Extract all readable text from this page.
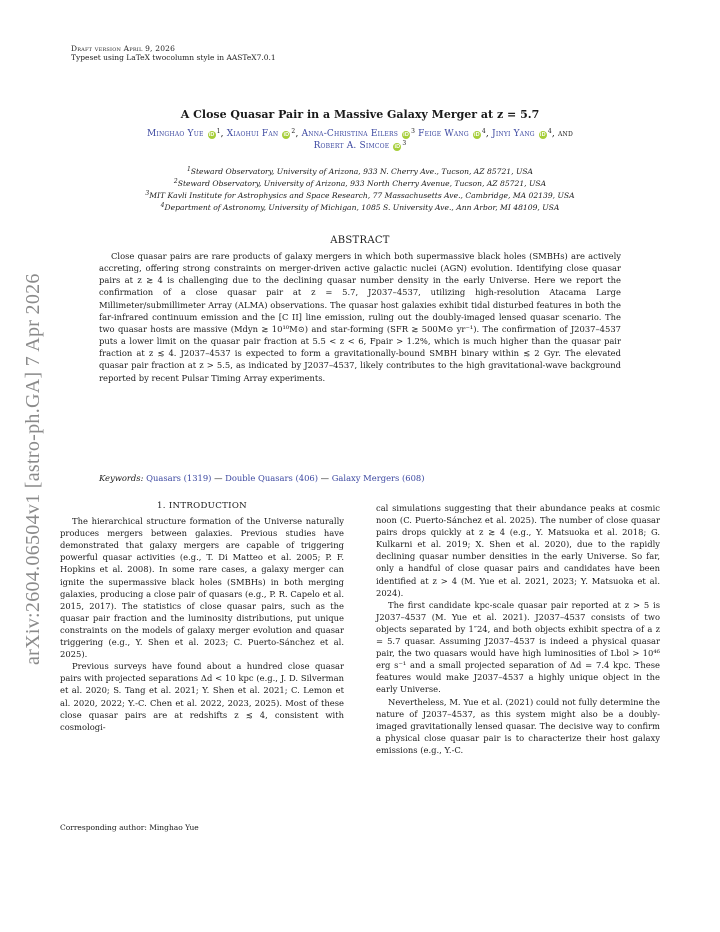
Draft version April 9, 2026
Typeset using LaTeX twocolumn style in AASTeX7.0.1
arXiv:2604.06504v1 [astro-ph.GA] 7 Apr 2026
A Close Quasar Pair in a Massive Galaxy Merger at z = 5.7
Minghao Yue iD $^1$, Xiaohui Fan iD $^2$, Anna-Christina Eilers iD $^3$ Feige Wang iD $^4$, Jinyi Yang iD $^4$, and
Robert A. Simcoe iD $^3$
$^1$Steward Observatory, University of Arizona, 933 N. Cherry Ave., Tucson, AZ 85721, USA
$^2$Steward Observatory, University of Arizona, 933 North Cherry Avenue, Tucson, AZ 85721, USA
$^3$MIT Kavli Institute for Astrophysics and Space Research, 77 Massachusetts Ave., Cambridge, MA 02139, USA
$^4$Department of Astronomy, University of Michigan, 1085 S. University Ave., Ann Arbor, MI 48109, USA
ABSTRACT

Close quasar pairs are rare products of galaxy mergers in which both supermassive black holes (SMBHs) are actively accreting, offering strong constraints on merger-driven active galactic nuclei (AGN) evolution. Identifying close quasar pairs at z ≳ 4 is challenging due to the declining quasar number density in the early Universe. Here we report the confirmation of a close quasar pair at z = 5.7, J2037–4537, utilizing high-resolution Atacama Large Millimeter/submillimeter Array (ALMA) observations. The quasar host galaxies exhibit tidal disturbed features in both the far-infrared continuum emission and the [C II] line emission, ruling out the doubly-imaged lensed quasar scenario. The two quasar hosts are massive (Mdyn ≳ 10¹⁰M⊙) and star-forming (SFR ≳ 500M⊙ yr⁻¹). The confirmation of J2037–4537 puts a lower limit on the quasar pair fraction at 5.5 < z < 6, Fpair > 1.2%, which is much higher than the quasar pair fraction at z ≲ 4. J2037–4537 is expected to form a gravitationally-bound SMBH binary within ≲ 2 Gyr. The elevated quasar pair fraction at z > 5.5, as indicated by J2037–4537, likely contributes to the high gravitational-wave background reported by recent Pulsar Timing Array experiments.

Keywords: Quasars (1319) — Double Quasars (406) — Galaxy Mergers (608)
1. INTRODUCTION

The hierarchical structure formation of the Universe naturally produces mergers between galaxies. Previous studies have demonstrated that galaxy mergers are capable of triggering powerful quasar activities (e.g., T. Di Matteo et al. 2005; P. F. Hopkins et al. 2008). In some rare cases, a galaxy merger can ignite the supermassive black holes (SMBHs) in both merging galaxies, producing a close pair of quasars (e.g., P. R. Capelo et al. 2015, 2017). The statistics of close quasar pairs, such as the quasar pair fraction and the luminosity distributions, put unique constraints on the models of galaxy merger evolution and quasar triggering (e.g., Y. Shen et al. 2023; C. Puerto-Sánchez et al. 2025).

Previous surveys have found about a hundred close quasar pairs with projected separations Δd < 10 kpc (e.g., J. D. Silverman et al. 2020; S. Tang et al. 2021; Y. Shen et al. 2021; C. Lemon et al. 2020, 2022; Y.-C. Chen et al. 2022, 2023, 2025). Most of these close quasar pairs are at redshifts z ≲ 4, consistent with cosmologi-

cal simulations suggesting that their abundance peaks at cosmic noon (C. Puerto-Sánchez et al. 2025). The number of close quasar pairs drops quickly at z ≳ 4 (e.g., Y. Matsuoka et al. 2018; G. Kulkarni et al. 2019; X. Shen et al. 2020), due to the rapidly declining quasar number densities in the early Universe. So far, only a handful of close quasar pairs and candidates have been identified at z > 4 (M. Yue et al. 2021, 2023; Y. Matsuoka et al. 2024).

The first candidate kpc-scale quasar pair reported at z > 5 is J2037–4537 (M. Yue et al. 2021). J2037–4537 consists of two objects separated by 1″24, and both objects exhibit spectra of a z = 5.7 quasar. Assuming J2037–4537 is indeed a physical quasar pair, the two quasars would have high luminosities of Lbol > 10⁴⁶ erg s⁻¹ and a small projected separation of Δd = 7.4 kpc. These features would make J2037–4537 a highly unique object in the early Universe.

Nevertheless, M. Yue et al. (2021) could not fully determine the nature of J2037–4537, as this system might also be a doubly-imaged gravitationally lensed quasar. The decisive way to confirm a physical close quasar pair is to characterize their host galaxy emissions (e.g., Y.-C.

Corresponding author: Minghao Yue
